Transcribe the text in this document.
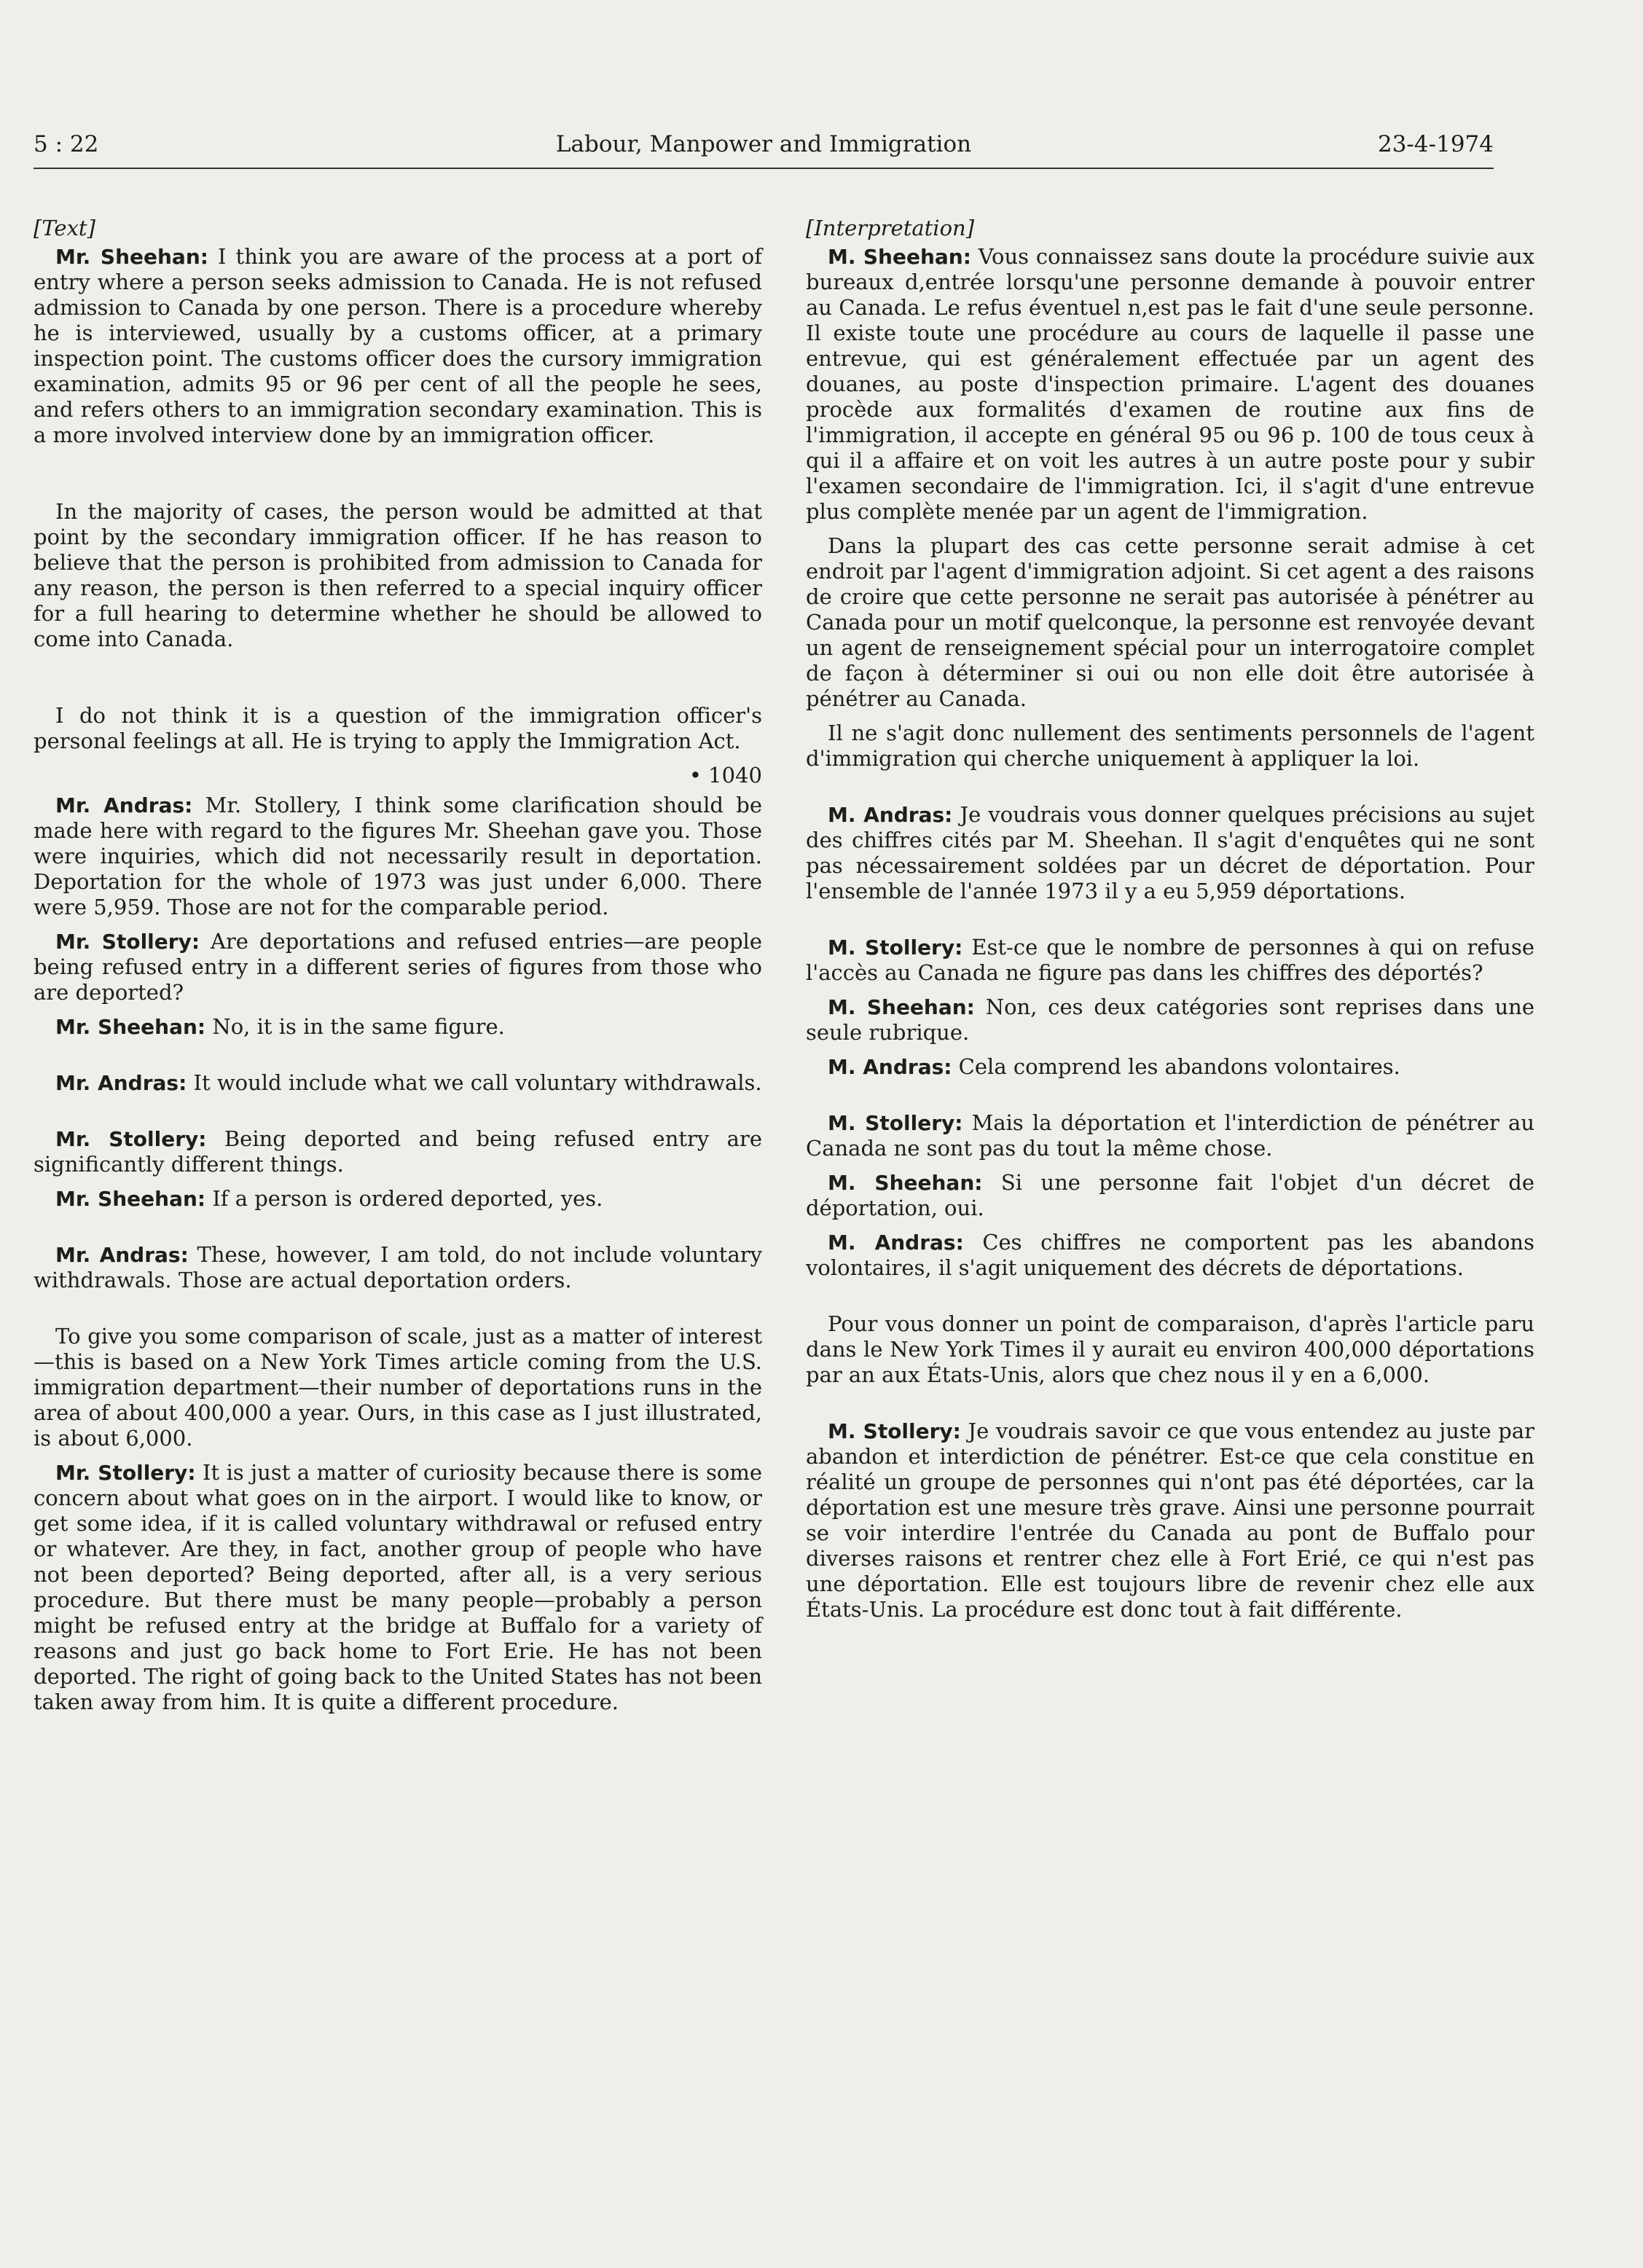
5 : 22	Labour, Manpower and Immigration	23-4-1974

[Text]

Mr. Sheehan: I think you are aware of the process at a port of entry where a person seeks admission to Canada. He is not refused admission to Canada by one person. There is a procedure whereby he is interviewed, usually by a customs officer, at a primary inspection point. The customs officer does the cursory immigration examination, admits 95 or 96 per cent of all the people he sees, and refers others to an immigration secondary examination. This is a more involved interview done by an immigration officer.

In the majority of cases, the person would be admitted at that point by the secondary immigration officer. If he has reason to believe that the person is prohibited from admission to Canada for any reason, the person is then referred to a special inquiry officer for a full hearing to determine whether he should be allowed to come into Canada.

I do not think it is a question of the immigration officer's personal feelings at all. He is trying to apply the Immigration Act.

• 1040

Mr. Andras: Mr. Stollery, I think some clarification should be made here with regard to the figures Mr. Sheehan gave you. Those were inquiries, which did not necessarily result in deportation. Deportation for the whole of 1973 was just under 6,000. There were 5,959. Those are not for the comparable period.

Mr. Stollery: Are deportations and refused entries—are people being refused entry in a different series of figures from those who are deported?

Mr. Sheehan: No, it is in the same figure.

Mr. Andras: It would include what we call voluntary withdrawals.

Mr. Stollery: Being deported and being refused entry are significantly different things.

Mr. Sheehan: If a person is ordered deported, yes.

Mr. Andras: These, however, I am told, do not include voluntary withdrawals. Those are actual deportation orders.

To give you some comparison of scale, just as a matter of interest—this is based on a New York Times article coming from the U.S. immigration department—their number of deportations runs in the area of about 400,000 a year. Ours, in this case as I just illustrated, is about 6,000.

Mr. Stollery: It is just a matter of curiosity because there is some concern about what goes on in the airport. I would like to know, or get some idea, if it is called voluntary withdrawal or refused entry or whatever. Are they, in fact, another group of people who have not been deported? Being deported, after all, is a very serious procedure. But there must be many people—probably a person might be refused entry at the bridge at Buffalo for a variety of reasons and just go back home to Fort Erie. He has not been deported. The right of going back to the United States has not been taken away from him. It is quite a different procedure.

[Interpretation]

M. Sheehan: Vous connaissez sans doute la procédure suivie aux bureaux d,entrée lorsqu'une personne demande à pouvoir entrer au Canada. Le refus éventuel n,est pas le fait d'une seule personne. Il existe toute une procédure au cours de laquelle il passe une entrevue, qui est généralement effectuée par un agent des douanes, au poste d'inspection primaire. L'agent des douanes procède aux formalités d'examen de routine aux fins de l'immigration, il accepte en général 95 ou 96 p. 100 de tous ceux à qui il a affaire et on voit les autres à un autre poste pour y subir l'examen secondaire de l'immigration. Ici, il s'agit d'une entrevue plus complète menée par un agent de l'immigration.

Dans la plupart des cas cette personne serait admise à cet endroit par l'agent d'immigration adjoint. Si cet agent a des raisons de croire que cette personne ne serait pas autorisée à pénétrer au Canada pour un motif quelconque, la personne est renvoyée devant un agent de renseignement spécial pour un interrogatoire complet de façon à déterminer si oui ou non elle doit être autorisée à pénétrer au Canada.

Il ne s'agit donc nullement des sentiments personnels de l'agent d'immigration qui cherche uniquement à appliquer la loi.

M. Andras: Je voudrais vous donner quelques précisions au sujet des chiffres cités par M. Sheehan. Il s'agit d'enquêtes qui ne sont pas nécessairement soldées par un décret de déportation. Pour l'ensemble de l'année 1973 il y a eu 5,959 déportations.

M. Stollery: Est-ce que le nombre de personnes à qui on refuse l'accès au Canada ne figure pas dans les chiffres des déportés?

M. Sheehan: Non, ces deux catégories sont reprises dans une seule rubrique.

M. Andras: Cela comprend les abandons volontaires.

M. Stollery: Mais la déportation et l'interdiction de pénétrer au Canada ne sont pas du tout la même chose.

M. Sheehan: Si une personne fait l'objet d'un décret de déportation, oui.

M. Andras: Ces chiffres ne comportent pas les abandons volontaires, il s'agit uniquement des décrets de déportations.

Pour vous donner un point de comparaison, d'après l'article paru dans le New York Times il y aurait eu environ 400,000 déportations par an aux États-Unis, alors que chez nous il y en a 6,000.

M. Stollery: Je voudrais savoir ce que vous entendez au juste par abandon et interdiction de pénétrer. Est-ce que cela constitue en réalité un groupe de personnes qui n'ont pas été déportées, car la déportation est une mesure très grave. Ainsi une personne pourrait se voir interdire l'entrée du Canada au pont de Buffalo pour diverses raisons et rentrer chez elle à Fort Erié, ce qui n'est pas une déportation. Elle est toujours libre de revenir chez elle aux États-Unis. La procédure est donc tout à fait différente.
